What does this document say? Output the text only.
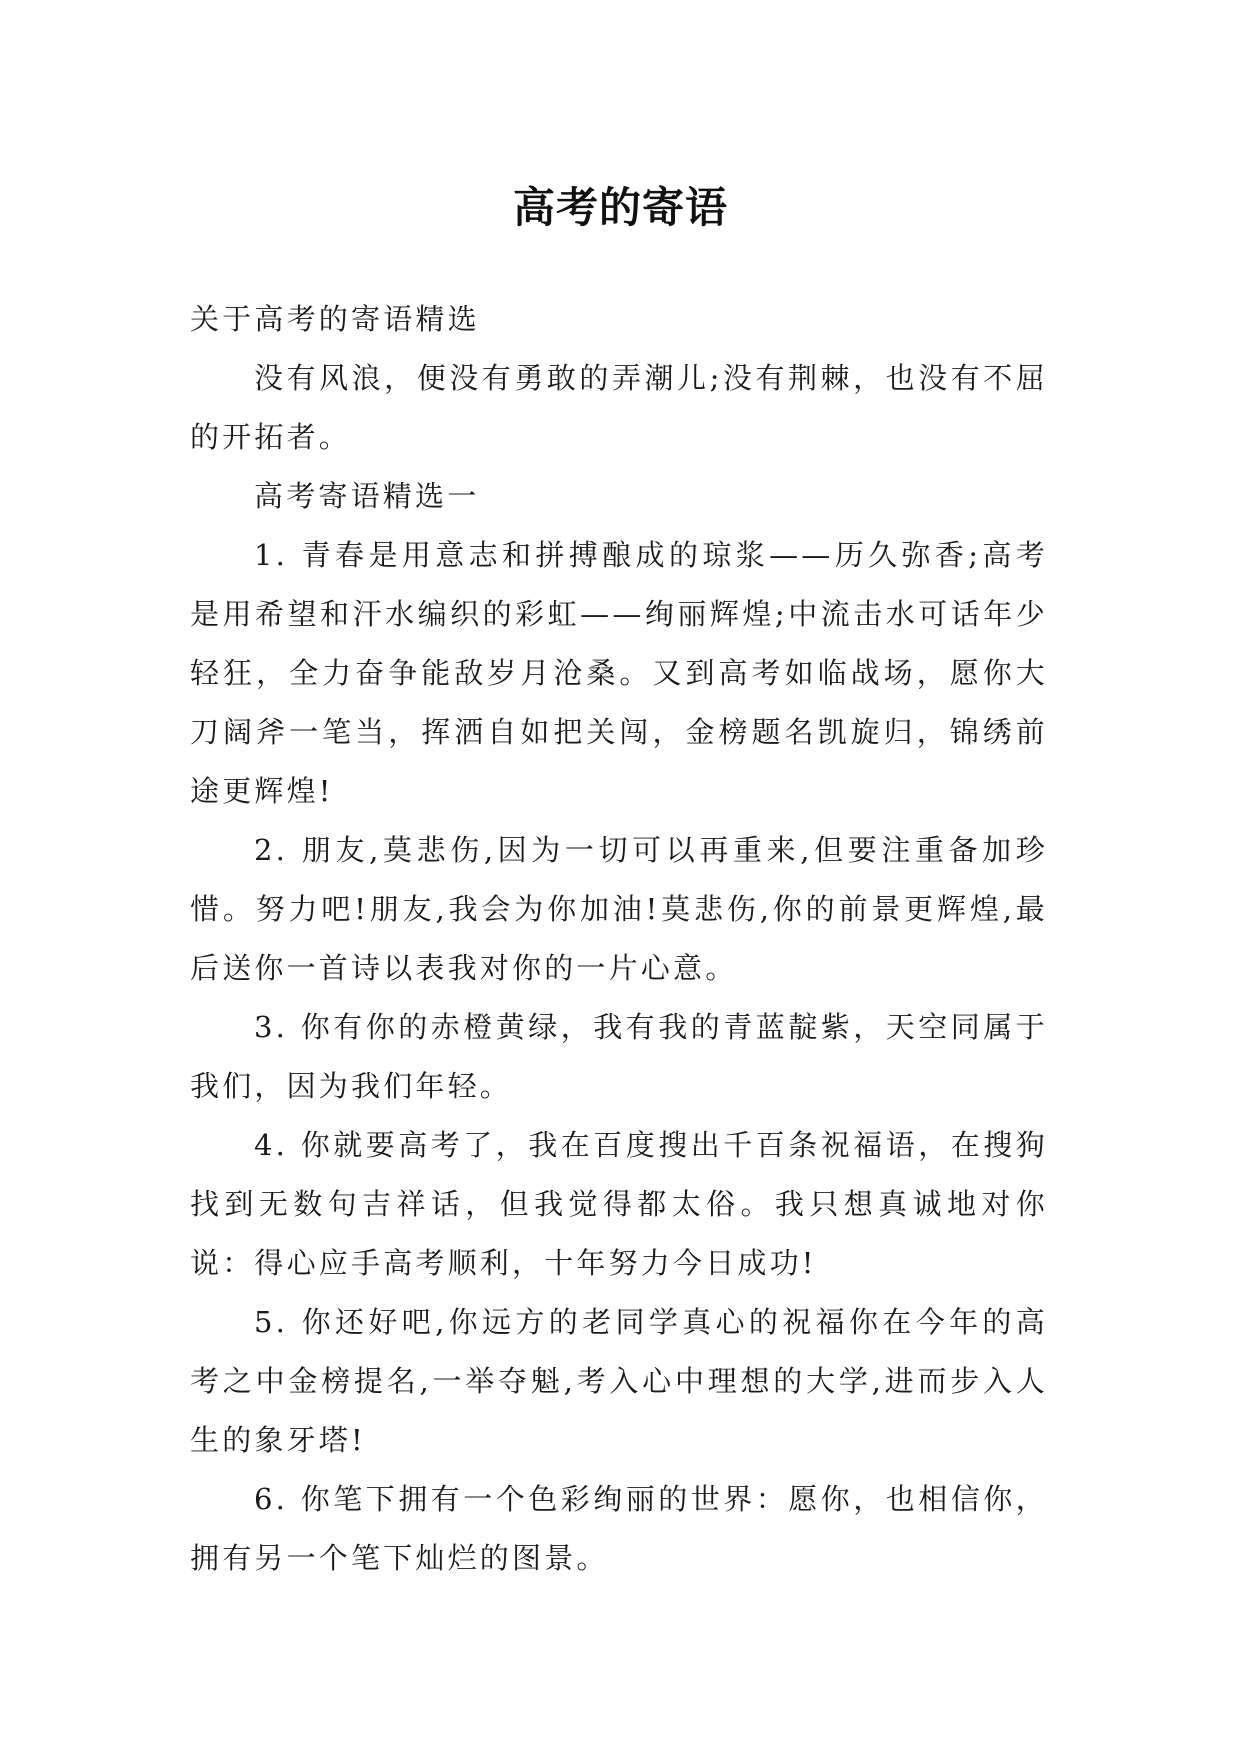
高考的寄语

关于高考的寄语精选

没有风浪，便没有勇敢的弄潮儿;没有荆棘，也没有不屈的开拓者。

高考寄语精选一

1. 青春是用意志和拼搏酿成的琼浆——历久弥香;高考是用希望和汗水编织的彩虹——绚丽辉煌;中流击水可话年少轻狂，全力奋争能敌岁月沧桑。又到高考如临战场，愿你大刀阔斧一笔当，挥洒自如把关闯，金榜题名凯旋归，锦绣前途更辉煌!

2. 朋友,莫悲伤,因为一切可以再重来,但要注重备加珍惜。努力吧!朋友,我会为你加油!莫悲伤,你的前景更辉煌,最后送你一首诗以表我对你的一片心意。

3. 你有你的赤橙黄绿，我有我的青蓝靛紫，天空同属于我们，因为我们年轻。

4. 你就要高考了，我在百度搜出千百条祝福语，在搜狗找到无数句吉祥话，但我觉得都太俗。我只想真诚地对你说：得心应手高考顺利，十年努力今日成功!

5. 你还好吧,你远方的老同学真心的祝福你在今年的高考之中金榜提名,一举夺魁,考入心中理想的大学,进而步入人生的象牙塔!

6. 你笔下拥有一个色彩绚丽的世界：愿你，也相信你，拥有另一个笔下灿烂的图景。
